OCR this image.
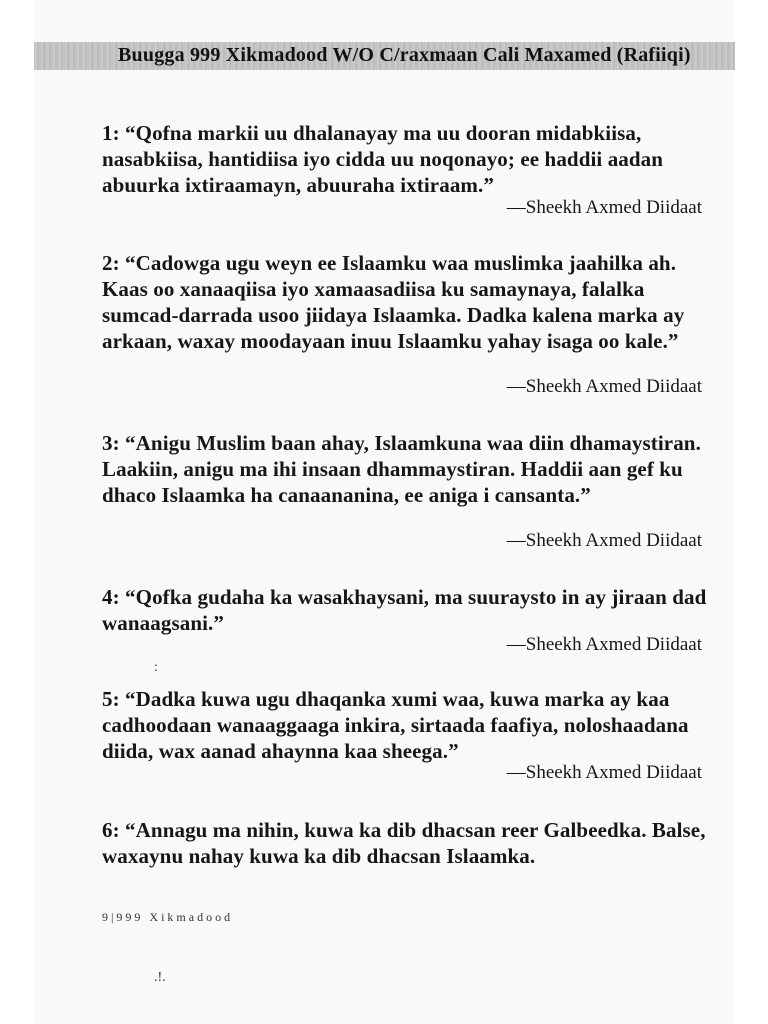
Buugga 999 Xikmadood W/O C/raxmaan Cali Maxamed (Rafiiqi)
1: “Qofna markii uu dhalanayay ma uu dooran midabkiisa, nasabkiisa, hantidiisa iyo cidda uu noqonayo; ee haddii aadan abuurka ixtiraamayn, abuuraha ixtiraam.”
—Sheekh Axmed Diidaat
2: “Cadowga ugu weyn ee Islaamku waa muslimka jaahilka ah. Kaas oo xanaaqiisa iyo xamaasadiisa ku samaynaya, falalka sumcad-darrada usoo jiidaya Islaamka. Dadka kalena marka ay arkaan, waxay moodayaan inuu Islaamku yahay isaga oo kale.”
—Sheekh Axmed Diidaat
3: “Anigu Muslim baan ahay, Islaamkuna waa diin dhamaystiran. Laakiin, anigu ma ihi insaan dhammaystiran. Haddii aan gef ku dhaco Islaamka ha canaananina, ee aniga i cansanta.”
—Sheekh Axmed Diidaat
4: “Qofka gudaha ka wasakhaysani, ma suuraysto in ay jiraan dad wanaagsani.”
—Sheekh Axmed Diidaat
5: “Dadka kuwa ugu dhaqanka xumi waa, kuwa marka ay kaa cadhoodaan wanaaggaaga inkira, sirtaada faafiya, noloshaadana diida, wax aanad ahaynna kaa sheega.”
—Sheekh Axmed Diidaat
6: “Annagu ma nihin, kuwa ka dib dhacsan reer Galbeedka. Balse, waxaynu nahay kuwa ka dib dhacsan Islaamka.
9|999 Xikmadood
.!.
:
